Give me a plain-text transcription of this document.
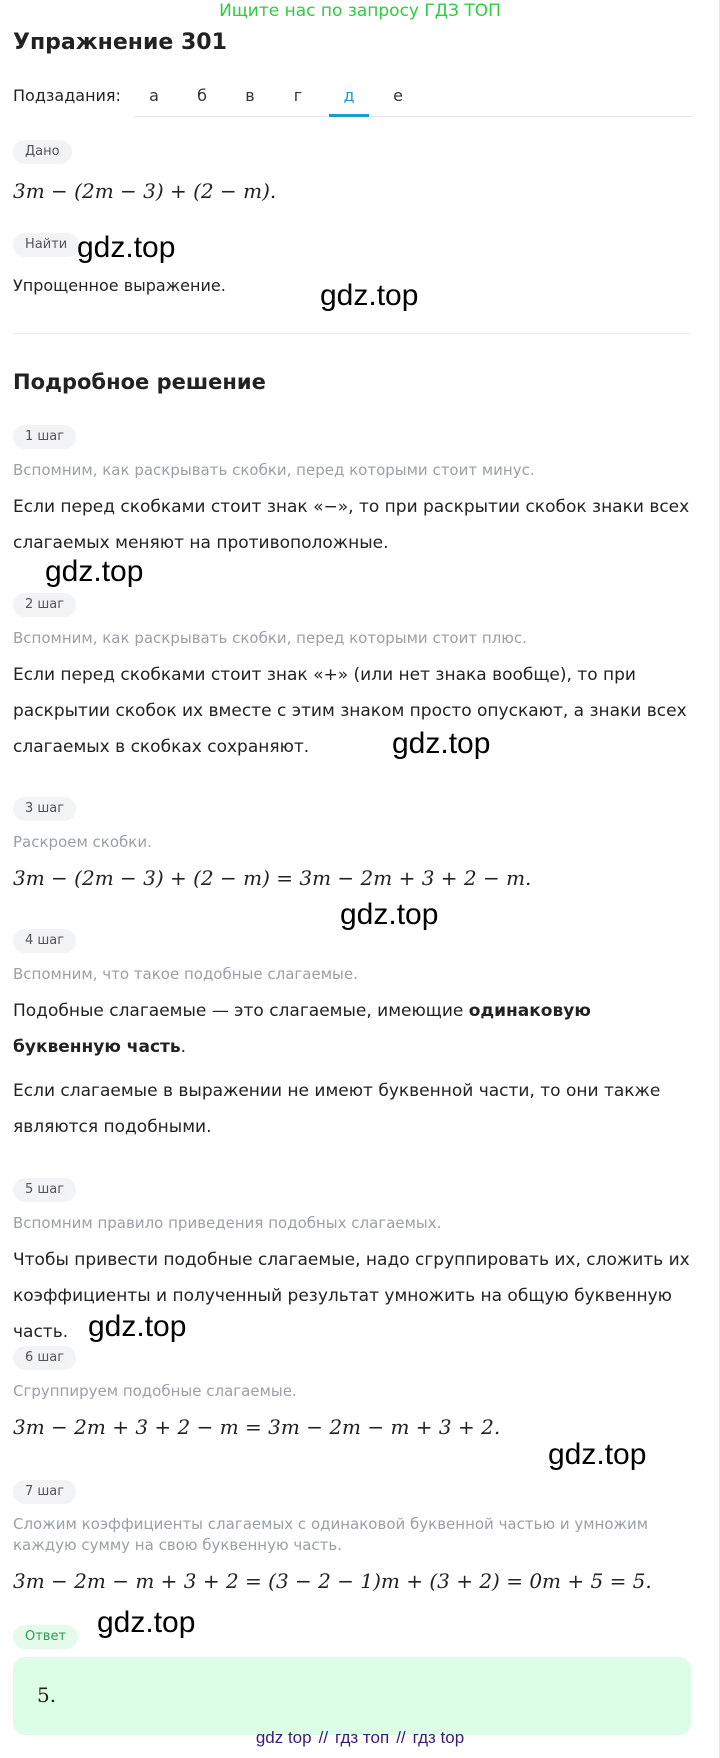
Ищите нас по запросу ГДЗ ТОП
Упражнение 301
Подзадания:	а	б	в	г	д	е
Дано
3m − (2m − 3) + (2 − m).
Найти
Упрощенное выражение.
Подробное решение
1 шаг
Вспомним, как раскрывать скобки, перед которыми стоит минус.
Если перед скобками стоит знак «−», то при раскрытии скобок знаки всех слагаемых меняют на противоположные.
2 шаг
Вспомним, как раскрывать скобки, перед которыми стоит плюс.
Если перед скобками стоит знак «+» (или нет знака вообще), то при раскрытии скобок их вместе с этим знаком просто опускают, а знаки всех слагаемых в скобках сохраняют.
3 шаг
Раскроем скобки.
3m − (2m − 3) + (2 − m) = 3m − 2m + 3 + 2 − m.
4 шаг
Вспомним, что такое подобные слагаемые.
Подобные слагаемые — это слагаемые, имеющие одинаковую буквенную часть.
Если слагаемые в выражении не имеют буквенной части, то они также являются подобными.
5 шаг
Вспомним правило приведения подобных слагаемых.
Чтобы привести подобные слагаемые, надо сгруппировать их, сложить их коэффициенты и полученный результат умножить на общую буквенную часть.
6 шаг
Сгруппируем подобные слагаемые.
3m − 2m + 3 + 2 − m = 3m − 2m − m + 3 + 2.
7 шаг
Сложим коэффициенты слагаемых с одинаковой буквенной частью и умножим каждую сумму на свою буквенную часть.
3m − 2m − m + 3 + 2 = (3 − 2 − 1)m + (3 + 2) = 0m + 5 = 5.
Ответ
5.
gdz.top
gdz.top
gdz.top
gdz.top
gdz.top
gdz.top
gdz.top
gdz.top
gdz top // гдз топ // гдз top
